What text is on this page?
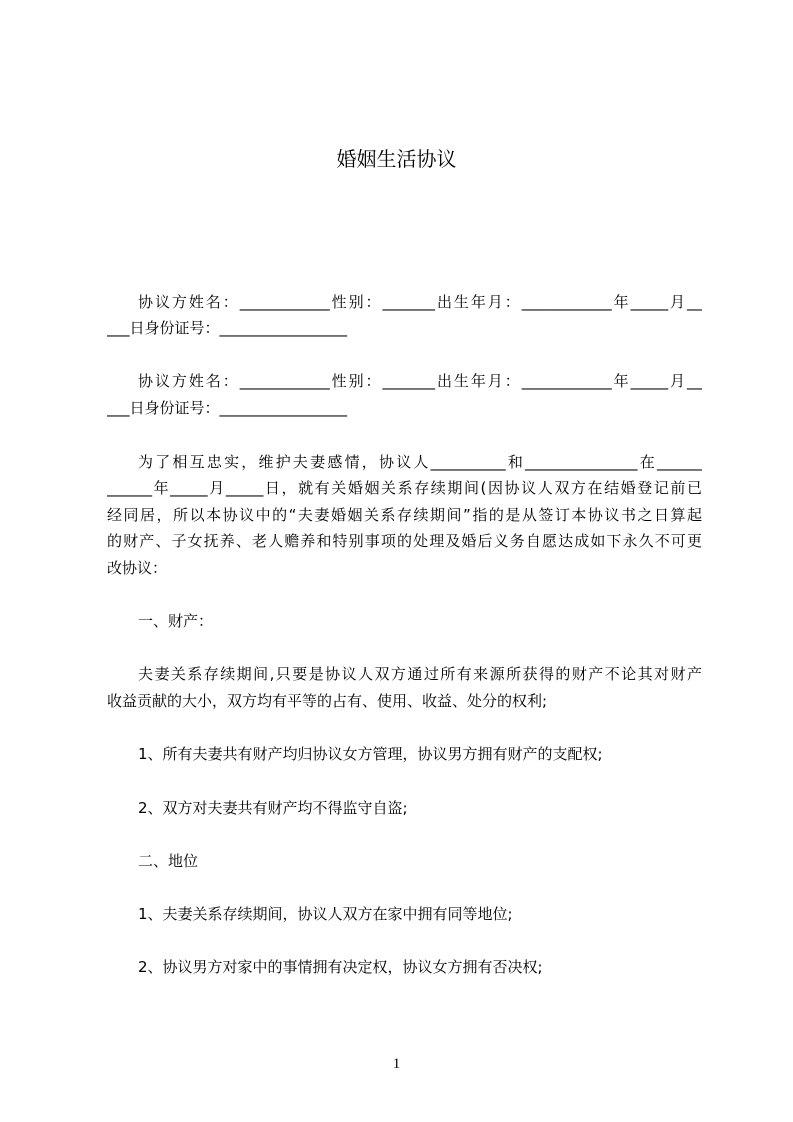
婚姻生活协议
协议方姓名：____________性别：_______出生年月：____________年_____月__
___日身份证号：_________________
协议方姓名：____________性别：_______出生年月：____________年_____月__
___日身份证号：_________________
为了相互忠实，维护夫妻感情，协议人__________和_______________在______
______年_____月_____日，就有关婚姻关系存续期间(因协议人双方在结婚登记前已
经同居，所以本协议中的“夫妻婚姻关系存续期间”指的是从签订本协议书之日算起
的财产、子女抚养、老人赡养和特别事项的处理及婚后义务自愿达成如下永久不可更
改协议：
一、财产：
夫妻关系存续期间,只要是协议人双方通过所有来源所获得的财产不论其对财产
收益贡献的大小，双方均有平等的占有、使用、收益、处分的权利;
1、所有夫妻共有财产均归协议女方管理，协议男方拥有财产的支配权;
2、双方对夫妻共有财产均不得监守自盗;
二、地位
1、夫妻关系存续期间，协议人双方在家中拥有同等地位;
2、协议男方对家中的事情拥有决定权，协议女方拥有否决权;
1
